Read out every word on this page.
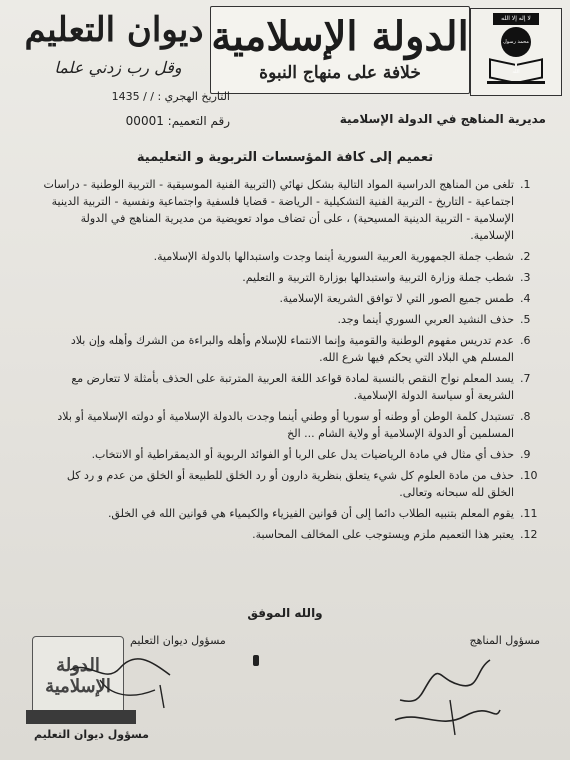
لا إله إلا الله
محمد رسول الله
الدولة الإسلامية
خلافة على منهاج النبوة
ديوان التعليم
وقل رب زدني علما
التاريخ الهجري : / / 1435
مديرية المناهج في الدولة الإسلامية
رقم التعميم: 00001
تعميم إلى كافة المؤسسات التربوية و التعليمية
1.
تلغى من المناهج الدراسية المواد التالية بشكل نهائي (التربية الفنية الموسيقية - التربية الوطنية - دراسات اجتماعية - التاريخ - التربية الفنية التشكيلية - الرياضة - قضايا فلسفية واجتماعية ونفسية - التربية الدينية الإسلامية - التربية الدينية المسيحية) ، على أن تضاف مواد تعويضية من مديرية المناهج في الدولة الإسلامية.
2.
شطب جملة الجمهورية العربية السورية أينما وجدت واستبدالها بالدولة الإسلامية.
3.
شطب جملة وزارة التربية واستبدالها بوزارة التربية و التعليم.
4.
طمس جميع الصور التي لا توافق الشريعة الإسلامية.
5.
حذف النشيد العربي السوري أينما وجد.
6.
عدم تدريس مفهوم الوطنية والقومية وإنما الانتماء للإسلام وأهله والبراءة من الشرك وأهله وإن بلاد المسلم هي البلاد التي يحكم فيها شرع الله.
7.
يسد المعلم نواح النقص بالنسبة لمادة قواعد اللغة العربية المترتبة على الحذف بأمثلة لا تتعارض مع الشريعة أو سياسة الدولة الإسلامية.
8.
تستبدل كلمة الوطن أو وطنه أو سوريا أو وطني أينما وجدت بالدولة الإسلامية أو دولته الإسلامية أو بلاد المسلمين أو الدولة الإسلامية أو ولاية الشام ... الخ
9.
حذف أي مثال في مادة الرياضيات يدل على الربا أو الفوائد الربوية أو الديمقراطية أو الانتخاب.
10.
حذف من مادة العلوم كل شيء يتعلق بنظرية دارون أو رد الخلق للطبيعة أو الخلق من عدم و رد كل الخلق لله سبحانه وتعالى.
11.
يقوم المعلم بتنبيه الطلاب دائما إلى أن قوانين الفيزياء والكيمياء هي قوانين الله في الخلق.
12.
يعتبر هذا التعميم ملزم ويستوجب على المخالف المحاسبة.
والله الموفق
مسؤول المناهج
مسؤول ديوان التعليم
الدولة الإسلامية
مسؤول ديوان التعليم
